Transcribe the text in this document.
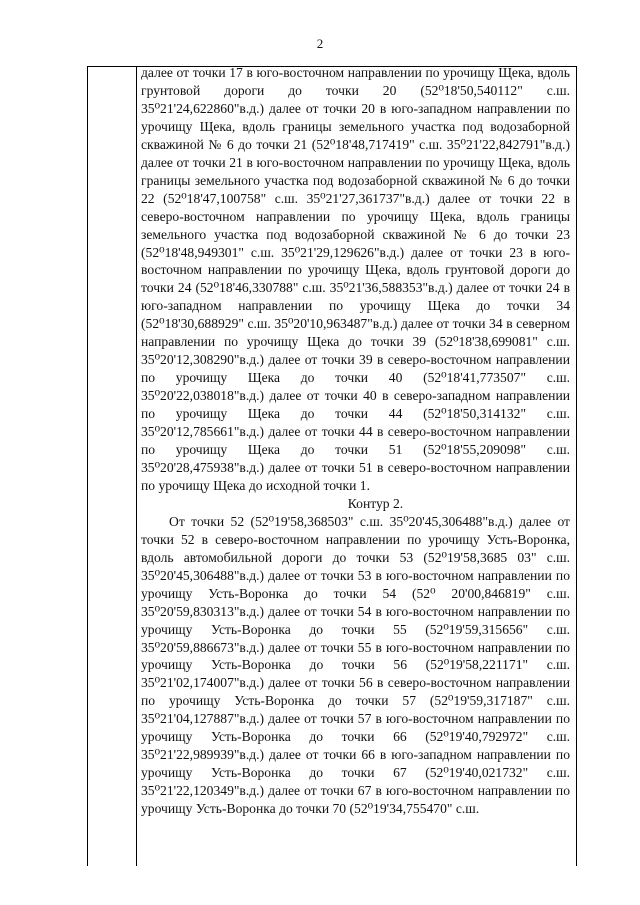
2

далее от точки 17 в юго-восточном направлении по урочищу Щека, вдоль грунтовой дороги до точки 20 (52⁰18'50,540112" с.ш. 35⁰21'24,622860"в.д.) далее от точки 20 в юго-западном направлении по урочищу Щека, вдоль границы земельного участка под водозаборной скважиной № 6 до точки 21 (52⁰18'48,717419" с.ш. 35⁰21'22,842791"в.д.) далее от точки 21 в юго-восточном направлении по урочищу Щека, вдоль границы земельного участка под водозаборной скважиной № 6 до точки 22 (52⁰18'47,100758" с.ш. 35⁰21'27,361737"в.д.) далее от точки 22 в северо-восточном направлении по урочищу Щека, вдоль границы земельного участка под водозаборной скважиной № 6 до точки 23 (52⁰18'48,949301" с.ш. 35⁰21'29,129626"в.д.) далее от точки 23 в юго-восточном направлении по урочищу Щека, вдоль грунтовой дороги до точки 24 (52⁰18'46,330788" с.ш. 35⁰21'36,588353"в.д.) далее от точки 24 в юго-западном направлении по урочищу Щека до точки 34 (52⁰18'30,688929" с.ш. 35⁰20'10,963487"в.д.) далее от точки 34 в северном направлении по урочищу Щека до точки 39 (52⁰18'38,699081" с.ш. 35⁰20'12,308290"в.д.) далее от точки 39 в северо-восточном направлении по урочищу Щека до точки 40 (52⁰18'41,773507" с.ш. 35⁰20'22,038018"в.д.) далее от точки 40 в северо-западном направлении по урочищу Щека до точки 44 (52⁰18'50,314132" с.ш. 35⁰20'12,785661"в.д.) далее от точки 44 в северо-восточном направлении по урочищу Щека до точки 51 (52⁰18'55,209098" с.ш. 35⁰20'28,475938"в.д.) далее от точки 51 в северо-восточном направлении по урочищу Щека до исходной точки 1.

Контур 2.

От точки 52 (52⁰19'58,368503" с.ш. 35⁰20'45,306488"в.д.) далее от точки 52 в северо-восточном направлении по урочищу Усть-Воронка, вдоль автомобильной дороги до точки 53 (52⁰19'58,3685 03" с.ш. 35⁰20'45,306488"в.д.) далее от точки 53 в юго-восточном направлении по урочищу Усть-Воронка до точки 54 (52⁰ 20'00,846819" с.ш. 35⁰20'59,830313"в.д.) далее от точки 54 в юго-восточном направлении по урочищу Усть-Воронка до точки 55 (52⁰19'59,315656" с.ш. 35⁰20'59,886673"в.д.) далее от точки 55 в юго-восточном направлении по урочищу Усть-Воронка до точки 56 (52⁰19'58,221171" с.ш. 35⁰21'02,174007"в.д.) далее от точки 56 в северо-восточном направлении по урочищу Усть-Воронка до точки 57 (52⁰19'59,317187" с.ш. 35⁰21'04,127887"в.д.) далее от точки 57 в юго-восточном направлении по урочищу Усть-Воронка до точки 66 (52⁰19'40,792972" с.ш. 35⁰21'22,989939"в.д.) далее от точки 66 в юго-западном направлении по урочищу Усть-Воронка до точки 67 (52⁰19'40,021732" с.ш. 35⁰21'22,120349"в.д.) далее от точки 67 в юго-восточном направлении по урочищу Усть-Воронка до точки 70 (52⁰19'34,755470" с.ш.
